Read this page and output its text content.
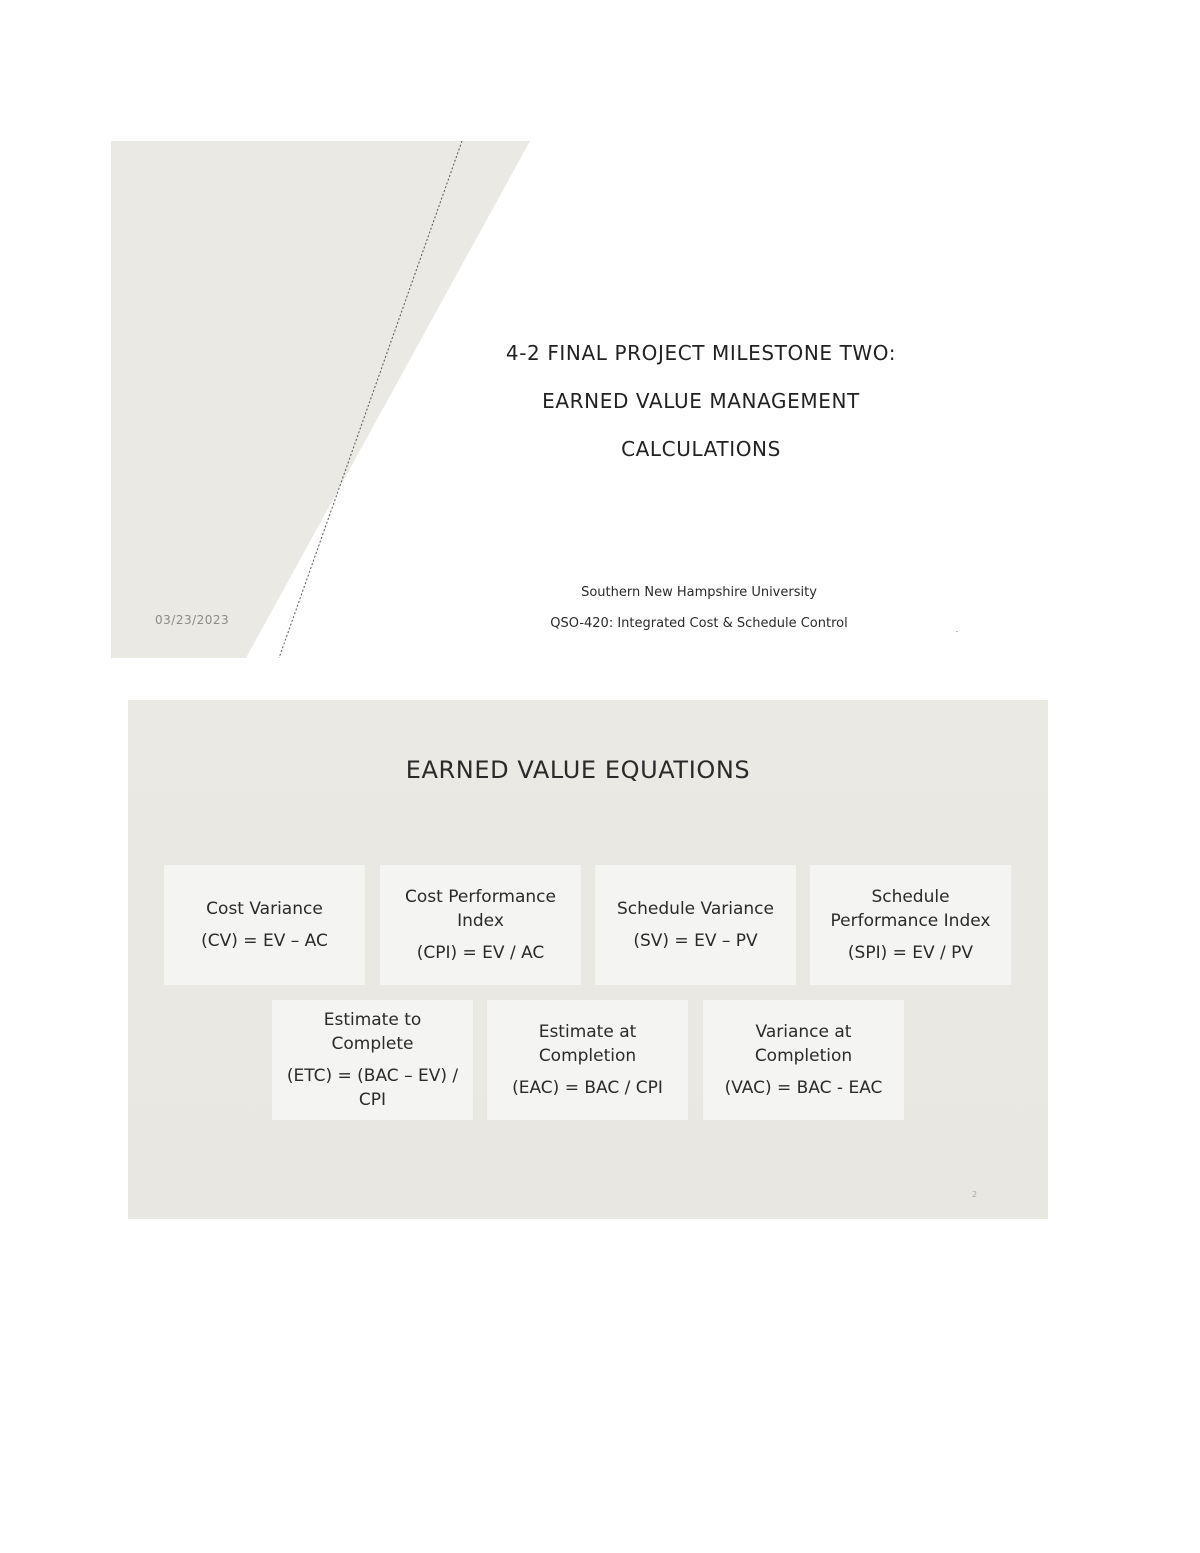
03/23/2023
4-2 FINAL PROJECT MILESTONE TWO:
EARNED VALUE MANAGEMENT
CALCULATIONS
Southern New Hampshire University
QSO-420: Integrated Cost & Schedule Control
EARNED VALUE EQUATIONS
Cost Variance
(CV) = EV – AC
Cost Performance Index
(CPI) = EV / AC
Schedule Variance
(SV) = EV – PV
Schedule Performance Index
(SPI) = EV / PV
Estimate to Complete
(ETC) = (BAC – EV) / CPI
Estimate at Completion
(EAC) = BAC / CPI
Variance at Completion
(VAC) = BAC - EAC
2
